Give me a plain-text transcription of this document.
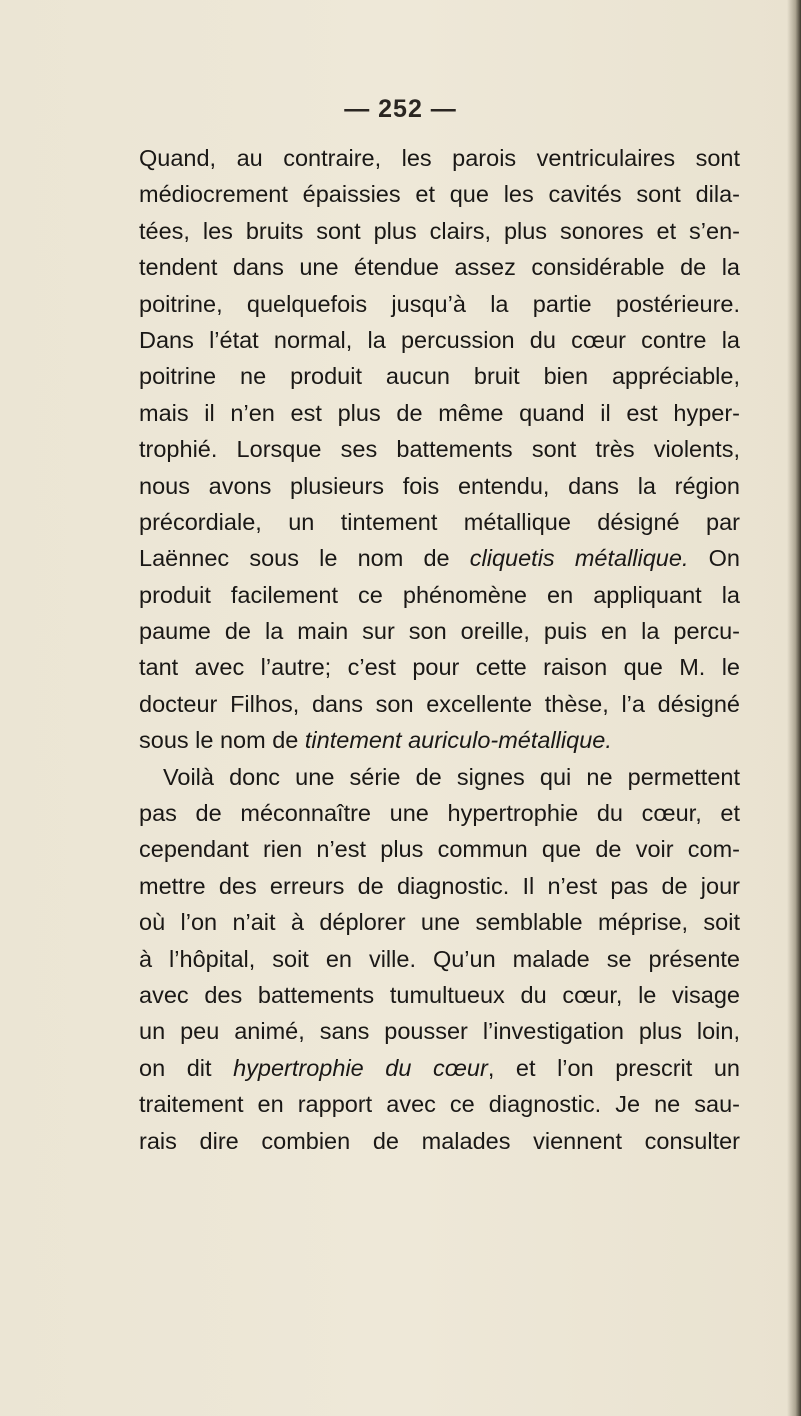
— 252 —
Quand, au contraire, les parois ventriculaires sont
médiocrement épaissies et que les cavités sont dila-
tées, les bruits sont plus clairs, plus sonores et s’en-
tendent dans une étendue assez considérable de la
poitrine, quelquefois jusqu’à la partie postérieure.
Dans l’état normal, la percussion du cœur contre la
poitrine ne produit aucun bruit bien appréciable,
mais il n’en est plus de même quand il est hyper-
trophié. Lorsque ses battements sont très violents,
nous avons plusieurs fois entendu, dans la région
précordiale, un tintement métallique désigné par
Laënnec sous le nom de cliquetis métallique. On
produit facilement ce phénomène en appliquant la
paume de la main sur son oreille, puis en la percu-
tant avec l’autre; c’est pour cette raison que M. le
docteur Filhos, dans son excellente thèse, l’a désigné
sous le nom de tintement auriculo-métallique.
Voilà donc une série de signes qui ne permettent
pas de méconnaître une hypertrophie du cœur, et
cependant rien n’est plus commun que de voir com-
mettre des erreurs de diagnostic. Il n’est pas de jour
où l’on n’ait à déplorer une semblable méprise, soit
à l’hôpital, soit en ville. Qu’un malade se présente
avec des battements tumultueux du cœur, le visage
un peu animé, sans pousser l’investigation plus loin,
on dit hypertrophie du cœur, et l’on prescrit un
traitement en rapport avec ce diagnostic. Je ne sau-
rais dire combien de malades viennent consulter
